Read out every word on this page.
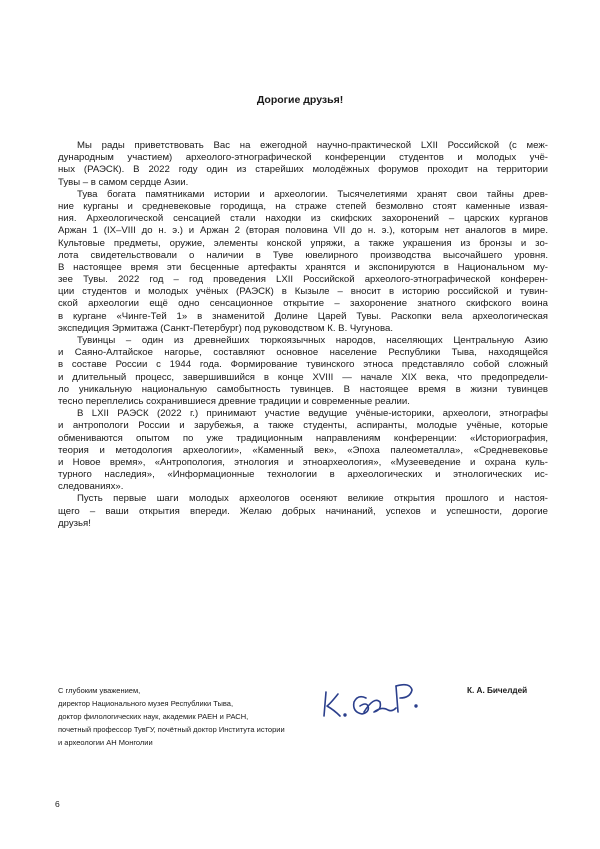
Дорогие друзья!
Мы рады приветствовать Вас на ежегодной научно-практической LXII Российской (с меж-
дународным участием) археолого-этнографической конференции студентов и молодых учё-
ных (РАЭСК). В 2022 году один из старейших молодёжных форумов проходит на территории
Тувы – в самом сердце Азии.
Тува богата памятниками истории и археологии. Тысячелетиями хранят свои тайны древ-
ние курганы и средневековые городища, на страже степей безмолвно стоят каменные извая-
ния. Археологической сенсацией стали находки из скифских захоронений – царских курганов
Аржан 1 (IX–VIII до н. э.) и Аржан 2 (вторая половина VII до н. э.), которым нет аналогов в мире.
Культовые предметы, оружие, элементы конской упряжи, а также украшения из бронзы и зо-
лота свидетельствовали о наличии в Туве ювелирного производства высочайшего уровня.
В настоящее время эти бесценные артефакты хранятся и экспонируются в Национальном му-
зее Тувы. 2022 год – год проведения LXII Российской археолого-этнографической конферен-
ции студентов и молодых учёных (РАЭСК) в Кызыле – вносит в историю российской и тувин-
ской археологии ещё одно сенсационное открытие – захоронение знатного скифского воина
в кургане «Чинге-Тей 1» в знаменитой Долине Царей Тувы. Раскопки вела археологическая
экспедиция Эрмитажа (Санкт-Петербург) под руководством К. В. Чугунова.
Тувинцы – один из древнейших тюркоязычных народов, населяющих Центральную Азию
и Саяно-Алтайское нагорье, составляют основное население Республики Тыва, находящейся
в составе России с 1944 года. Формирование тувинского этноса представляло собой сложный
и длительный процесс, завершившийся в конце XVIII — начале XIX века, что предопредели-
ло уникальную национальную самобытность тувинцев. В настоящее время в жизни тувинцев
тесно переплелись сохранившиеся древние традиции и современные реалии.
В LXII РАЭСК (2022 г.) принимают участие ведущие учёные-историки, археологи, этнографы
и антропологи России и зарубежья, а также студенты, аспиранты, молодые учёные, которые
обмениваются опытом по уже традиционным направлениям конференции: «Историография,
теория и методология археологии», «Каменный век», «Эпоха палеометалла», «Средневековье
и Новое время», «Антропология, этнология и этноархеология», «Музееведение и охрана куль-
турного наследия», «Информационные технологии в археологических и этнологических ис-
следованиях».
Пусть первые шаги молодых археологов осеняют великие открытия прошлого и настоя-
щего – ваши открытия впереди. Желаю добрых начинаний, успехов и успешности, дорогие
друзья!
С глубоким уважением,
директор Национального музея Республики Тыва,
доктор филологических наук, академик РАЕН и РАСН,
почетный профессор ТувГУ, почётный доктор Института истории
и археологии АН Монголии
К. А. Бичелдей
6
